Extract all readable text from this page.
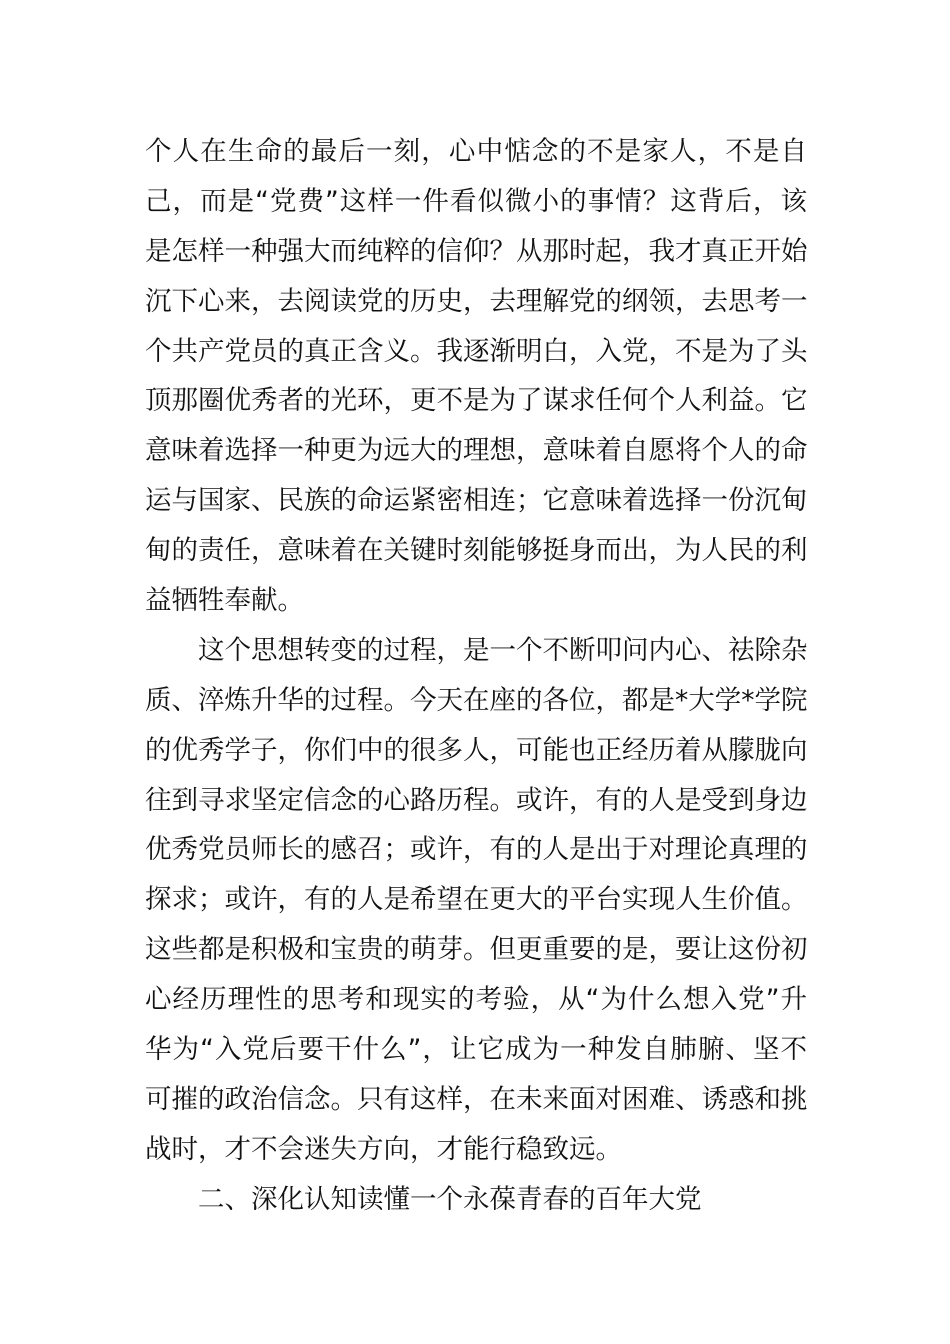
个人在生命的最后一刻，心中惦念的不是家人，不是自
己，而是“党费”这样一件看似微小的事情？这背后，该
是怎样一种强大而纯粹的信仰？从那时起，我才真正开始
沉下心来，去阅读党的历史，去理解党的纲领，去思考一
个共产党员的真正含义。我逐渐明白，入党，不是为了头
顶那圈优秀者的光环，更不是为了谋求任何个人利益。它
意味着选择一种更为远大的理想，意味着自愿将个人的命
运与国家、民族的命运紧密相连；它意味着选择一份沉甸
甸的责任，意味着在关键时刻能够挺身而出，为人民的利
益牺牲奉献。
这个思想转变的过程，是一个不断叩问内心、祛除杂
质、淬炼升华的过程。今天在座的各位，都是*大学*学院
的优秀学子，你们中的很多人，可能也正经历着从朦胧向
往到寻求坚定信念的心路历程。或许，有的人是受到身边
优秀党员师长的感召；或许，有的人是出于对理论真理的
探求；或许，有的人是希望在更大的平台实现人生价值。
这些都是积极和宝贵的萌芽。但更重要的是，要让这份初
心经历理性的思考和现实的考验，从“为什么想入党”升
华为“入党后要干什么”，让它成为一种发自肺腑、坚不
可摧的政治信念。只有这样，在未来面对困难、诱惑和挑
战时，才不会迷失方向，才能行稳致远。
二、深化认知读懂一个永葆青春的百年大党
